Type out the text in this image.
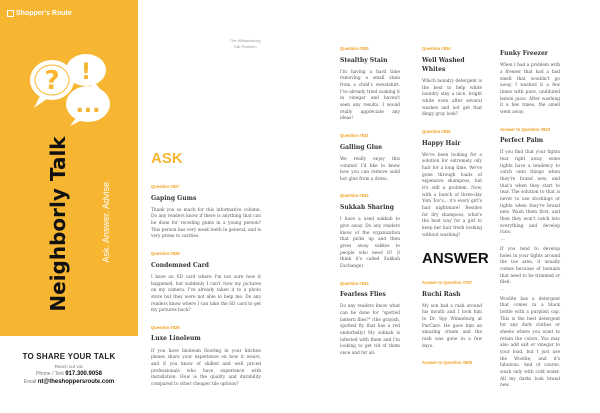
Shopper's Route
? !
...
Neighborly Talk	Ask. Answer. Advise.
TO SHARE YOUR TALK
Reach out via:
Phone / Text 917.300.9058
Email nt@theshoppersroute.com
The Williamsburg
Talk Platform
ASK
ANSWER
Question #827
Gaping Gums
Thank you so much for this informative column. Do any readers know if there is anything that can be done for receding gums in a young person? This person has very weak teeth in general, and is very prone to cavities.
Question #828
Condemned Card
I have an SD card where I'm not sure how it happened, but suddenly I can't view my pictures on my camera. I've already taken it to a photo store but they were not able to help me. Do any readers know where I can take the SD card to get my pictures back?
Question #829
Luxe Linoleum
If you have linoleum flooring in your kitchen please share your experience on how it wears, and if you know of skilled and well priced professionals who have experience with installation. How is the quality and durability compared to other cheaper tile options?
Question #830
Stealthy Stain
I'm having a hard time removing a small stain from a child's sweatshirt. I've already tried soaking it in vinegar and haven't seen any results. I would really appreciate any ideas!
Question #831
Galling Glue
We really enjoy this column! I'd like to know how you can remove solid hot glue from a dress.
Question #832
Sukkah Sharing
I have a used sukkah to give away. Do any readers know of the organization that picks up and then gives away sukkos to people who need it? (I think it's called Sukkah Exchange)
Question #833
Fearless Flies
Do any readers know what can be done for "spotted lantern flies?" (the grayish, spotted fly that has a red underbelly) My sukkah is infested with them and I'm looking to get rid of them once and for all.
Question #834
Well Washed Whites
Which laundry detergent is the best to help white laundry stay a nice, bright white even after several washes and not get that dingy gray look?
Question #835
Happy Hair
We've been looking for a solution for extremely oily hair for a long time. We've gone through loads of expensive shampoos, but it's still a problem. Now, with a bunch of three-day Yom Tov's... it's every girl's hair nightmare! Besides for dry shampoos, what's the best way for a girl to keep her hair fresh looking without washing?
Answer to Question #767
Ruchi Rash
My son had a rash around his mouth and I took him to Dr. Spy Winneburg at ParCare. He gave him an amazing cream and the rash was gone in a few days.
Answer to Question #805
Funky Freezer
When I had a problem with a freezer that had a bad smell that wouldn't go away, I washed it a few times with pure, undiluted lemon juice. After washing it a few times, the smell went away.
Answer to Question #822
Perfect Palm
If you find that your tights tear right away, some tights have a tendency to catch onto things when they're brand new, and that's when they start to tear. The solution to that is never to use stockings or tights when they're brand new. Wash them first, and then they won't catch into everything and develop runs.
—
If you tend to develop holes in your tights around the toe area, it usually comes because of toenails that need to be trimmed or filed.
—
Woolite has a detergent that comes in a black bottle with a purplish cap. This is the best detergent for any dark clothes or sheets where you want to retain the colors. You may also add salt or vinegar to your load, but I just use the Woolite, and it's fabulous. And of course, wash only with cold water. All my darks look brand new.
